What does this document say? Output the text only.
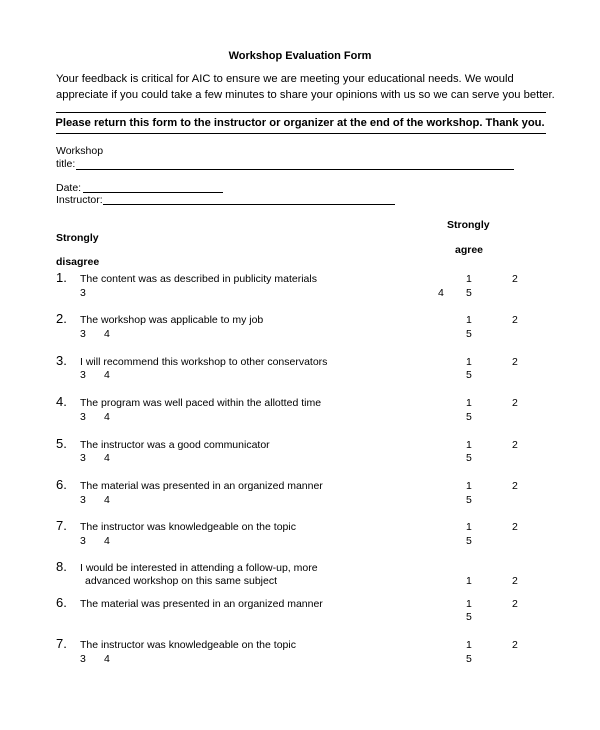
Workshop Evaluation Form
Your feedback is critical for AIC to ensure we are meeting your educational needs. We would
appreciate if you could take a few minutes to share your opinions with us so we can serve you better.
Please return this form to the instructor or organizer at the end of the workshop. Thank you.
Workshop
title:
Date:
Instructor:
Strongly
Strongly
agree
disagree
1. The content was as described in publicity materials	1	2
3	4 5
2. The workshop was applicable to my job	1	2
3 4	5
3. I will recommend this workshop to other conservators	1	2
3 4	5
4. The program was well paced within the allotted time	1	2
3 4	5
5. The instructor was a good communicator	1	2
3 4	5
6. The material was presented in an organized manner	1	2
3 4	5
7. The instructor was knowledgeable on the topic	1	2
3 4	5
8. I would be interested in attending a follow-up, more
advanced workshop on this same subject	1	2
6. The material was presented in an organized manner	1	2
5
7. The instructor was knowledgeable on the topic	1	2
3 4	5
